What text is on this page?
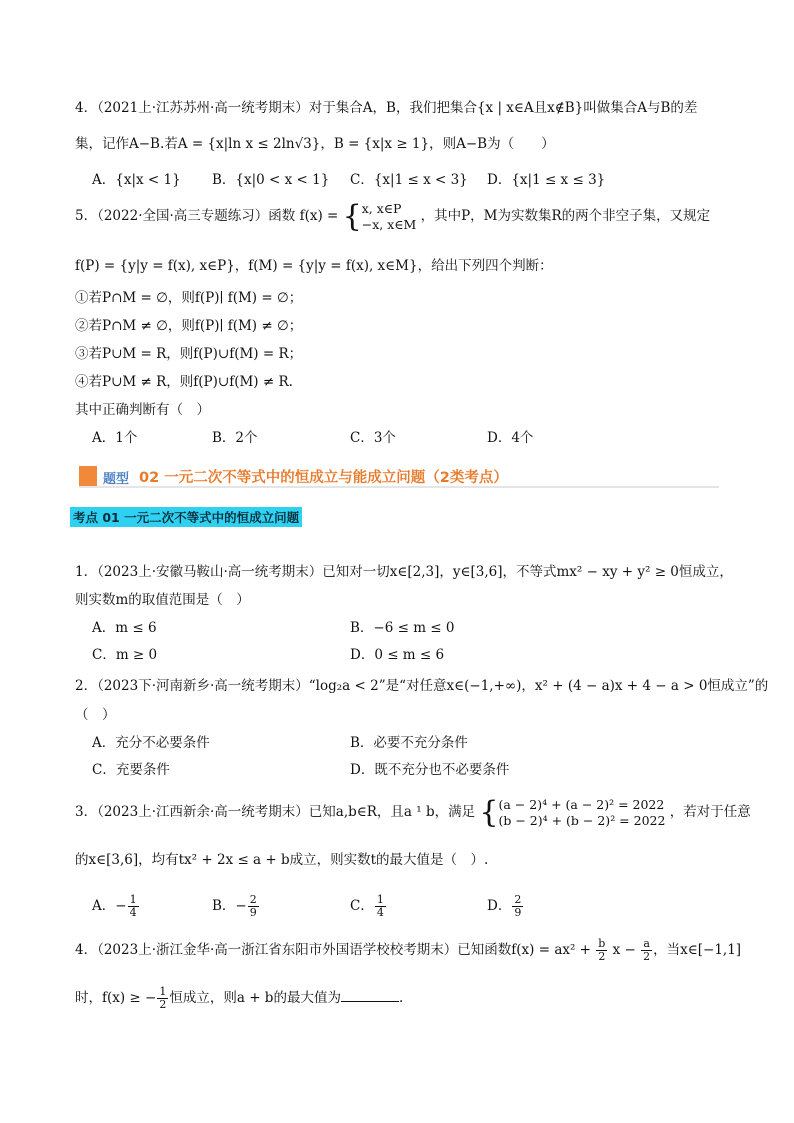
4．（2021上·江苏苏州·高一统考期末）对于集合A，B，我们把集合{x | x∈A且x∉B}叫做集合A与B的差
集，记作A−B.若A = {x|ln x ≤ 2ln√3}，B = {x|x ≥ 1}，则A−B为（　　）
A．{x|x < 1} B．{x|0 < x < 1} C．{x|1 ≤ x < 3} D．{x|1 ≤ x ≤ 3}
5．（2022·全国·高三专题练习）函数 f(x) = { x, x∈P
−x, x∈M ，其中P，M为实数集R的两个非空子集，又规定
f(P) = {y|y = f(x), x∈P}，f(M) = {y|y = f(x), x∈M}，给出下列四个判断：
①若P∩M = ∅，则f(P)∣ f(M) = ∅；
②若P∩M ≠ ∅，则f(P)∣ f(M) ≠ ∅；
③若P∪M = R，则f(P)∪f(M) = R；
④若P∪M ≠ R，则f(P)∪f(M) ≠ R.
其中正确判断有（　）
A．1个	B．2个	C．3个	D．4个
题型 02 一元二次不等式中的恒成立与能成立问题（2类考点）
考点 01 一元二次不等式中的恒成立问题
1．（2023上·安徽马鞍山·高一统考期末）已知对一切x∈[2,3]，y∈[3,6]，不等式mx² − xy + y² ≥ 0恒成立，
则实数m的取值范围是（　）
A．m ≤ 6	B．−6 ≤ m ≤ 0
C．m ≥ 0	D．0 ≤ m ≤ 6
2．（2023下·河南新乡·高一统考期末）“log₂a < 2”是“对任意x∈(−1,+∞)，x² + (4 − a)x + 4 − a > 0恒成立”的
（　）
A．充分不必要条件	B．必要不充分条件
C．充要条件	D．既不充分也不必要条件
3．（2023上·江西新余·高一统考期末）已知a,b∈R，且a ¹ b，满足 { (a − 2)⁴ + (a − 2)² = 2022
(b − 2)⁴ + (b − 2)² = 2022 ，若对于任意
的x∈[3,6]，均有tx² + 2x ≤ a + b成立，则实数t的最大值是（　）.
A．− $\frac{1}{4}$	B．− $\frac{2}{9}$	C． $\frac{1}{4}$	D． $\frac{2}{9}$
4．（2023上·浙江金华·高一浙江省东阳市外国语学校校考期末）已知函数$f(x) = ax^2 + \frac{b}{2}$ $x - \frac{a}{2}$ ，当x∈[−1,1]
时，f(x) ≥ − $\frac{1}{2}$ 恒成立，则a + b的最大值为	.
